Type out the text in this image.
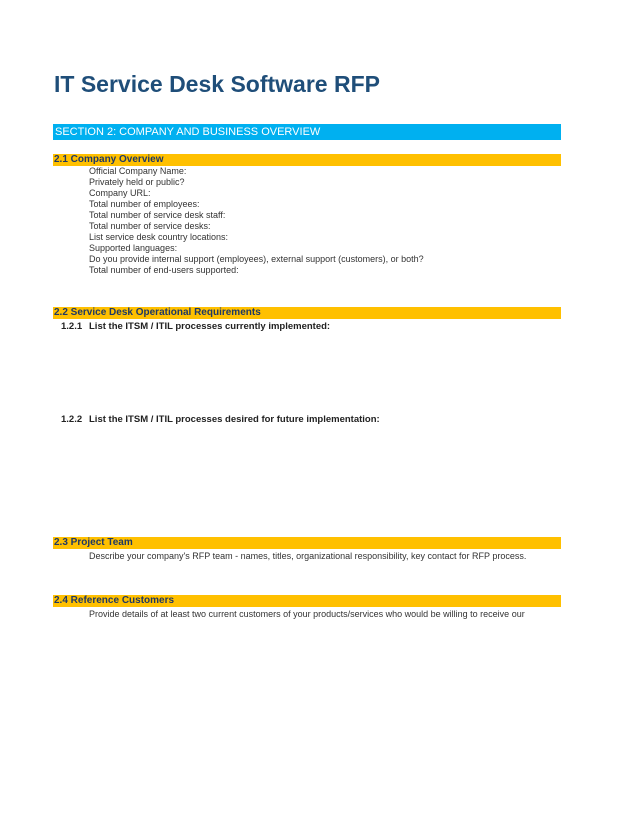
IT Service Desk Software RFP
SECTION 2: COMPANY AND BUSINESS OVERVIEW
2.1 Company Overview
Official Company Name:
Privately held or public?
Company URL:
Total number of employees:
Total number of service desk staff:
Total number of service desks:
List service desk country locations:
Supported languages:
Do you provide internal support (employees), external support (customers), or both?
Total number of end-users supported:
2.2 Service Desk Operational Requirements
1.2.1 List the ITSM / ITIL processes currently implemented:
1.2.2 List the ITSM / ITIL processes desired for future implementation:
2.3 Project Team
Describe your company's RFP team - names, titles, organizational responsibility, key contact for RFP process.
2.4 Reference Customers
Provide details of at least two current customers of your products/services who would be willing to receive our
